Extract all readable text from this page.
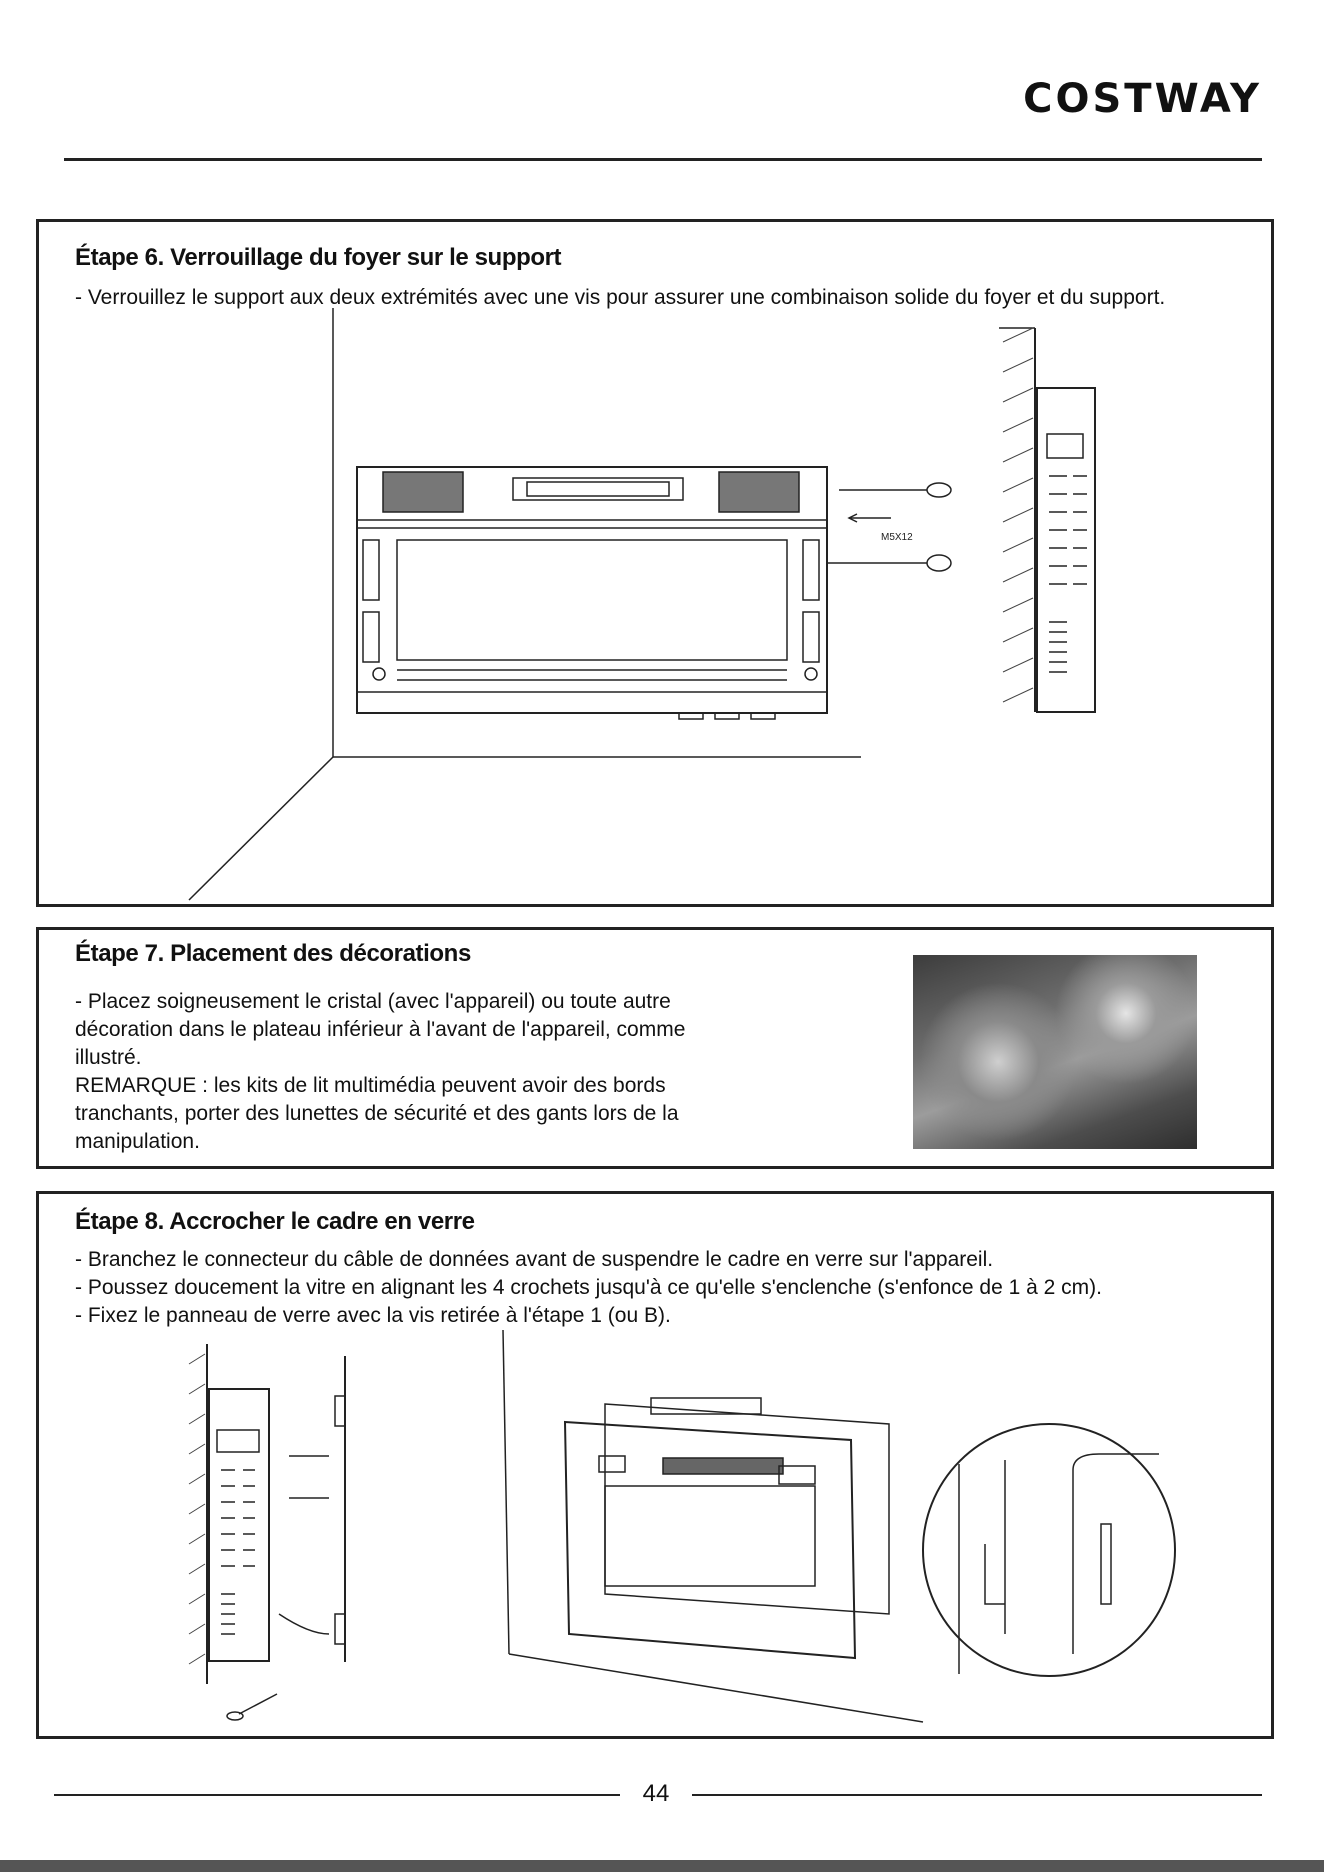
COSTWAY
Étape 6. Verrouillage du foyer sur le support

- Verrouillez le support aux deux extrémités avec une vis pour assurer une combinaison solide du foyer et du support.

M5X12
Étape 7. Placement des décorations

- Placez soigneusement le cristal (avec l'appareil) ou toute autre

décoration dans le plateau inférieur à l'avant de l'appareil, comme

illustré.

REMARQUE : les kits de lit multimédia peuvent avoir des bords

tranchants, porter des lunettes de sécurité et des gants lors de la

manipulation.

Étape 8. Accrocher le cadre en verre

- Branchez le connecteur du câble de données avant de suspendre le cadre en verre sur l'appareil.

- Poussez doucement la vitre en alignant les 4 crochets jusqu'à ce qu'elle s'enclenche (s'enfonce de 1 à 2 cm).

- Fixez le panneau de verre avec la vis retirée à l'étape 1 (ou B).

44
